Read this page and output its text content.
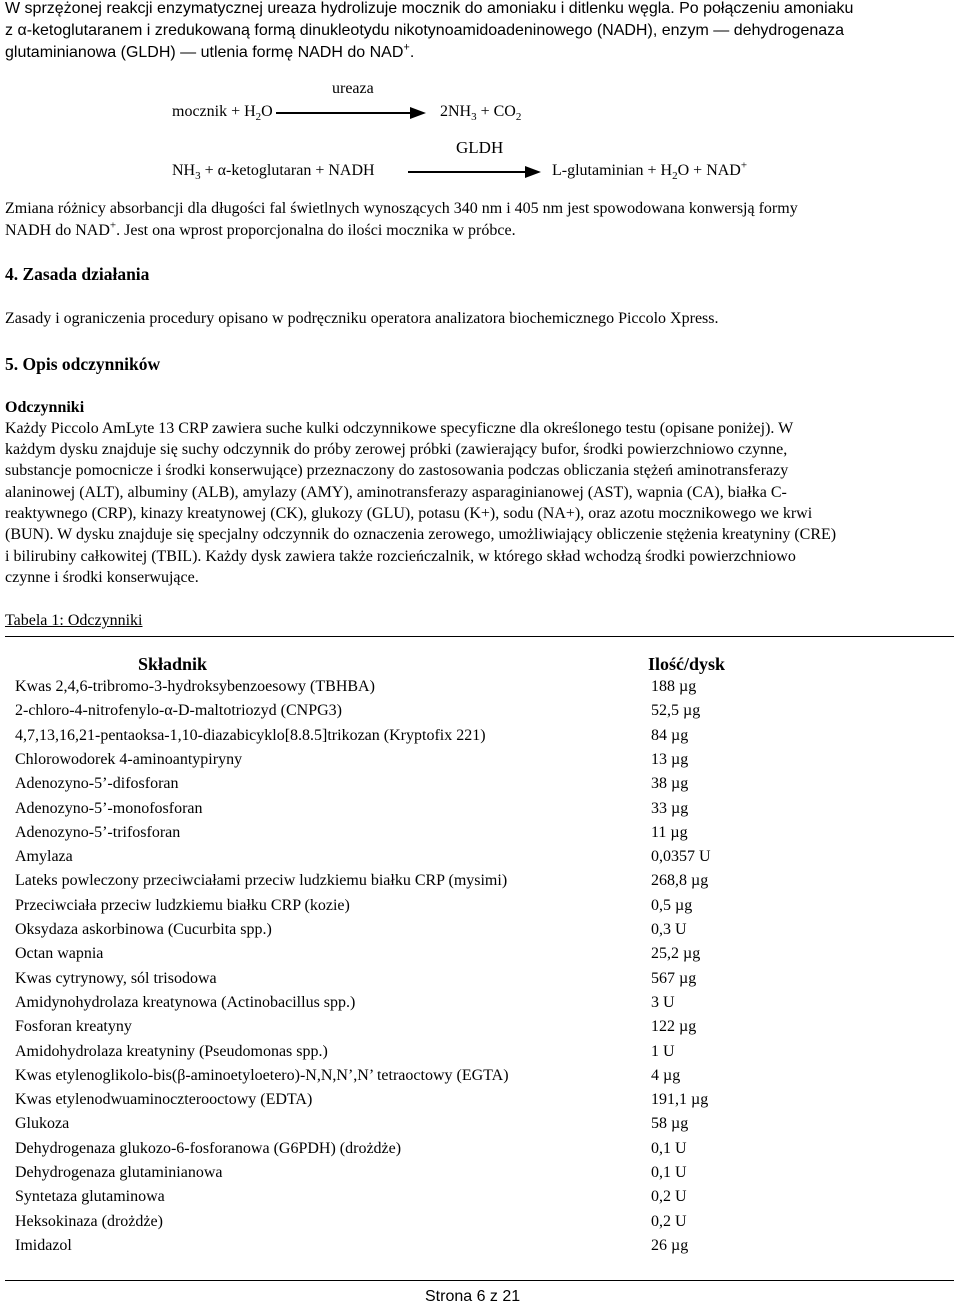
W sprzężonej reakcji enzymatycznej ureaza hydrolizuje mocznik do amoniaku i ditlenku węgla. Po połączeniu amoniaku
z α-ketoglutaranem i zredukowaną formą dinukleotydu nikotynoamidoadeninowego (NADH), enzym — dehydrogenaza
glutaminianowa (GLDH) — utlenia formę NADH do NAD+.
ureaza
mocznik + $H_2O$	$2NH_3 + CO_2$
GLDH
$NH_3$ + α-ketoglutaran + NADH	L-glutaminian + $H_2O + NAD^+$
Zmiana różnicy absorbancji dla długości fal świetlnych wynoszących 340 nm i 405 nm jest spowodowana konwersją formy
NADH do NAD+. Jest ona wprost proporcjonalna do ilości mocznika w próbce.
4. Zasada działania
Zasady i ograniczenia procedury opisano w podręczniku operatora analizatora biochemicznego Piccolo Xpress.
5. Opis odczynników
Odczynniki
Każdy Piccolo AmLyte 13 CRP zawiera suche kulki odczynnikowe specyficzne dla określonego testu (opisane poniżej). W
każdym dysku znajduje się suchy odczynnik do próby zerowej próbki (zawierający bufor, środki powierzchniowo czynne,
substancje pomocnicze i środki konserwujące) przeznaczony do zastosowania podczas obliczania stężeń aminotransferazy
alaninowej (ALT), albuminy (ALB), amylazy (AMY), aminotransferazy asparaginianowej (AST), wapnia (CA), białka C-
reaktywnego (CRP), kinazy kreatynowej (CK), glukozy (GLU), potasu (K+), sodu (NA+), oraz azotu mocznikowego we krwi
(BUN). W dysku znajduje się specjalny odczynnik do oznaczenia zerowego, umożliwiający obliczenie stężenia kreatyniny (CRE)
i bilirubiny całkowitej (TBIL). Każdy dysk zawiera także rozcieńczalnik, w którego skład wchodzą środki powierzchniowo
czynne i środki konserwujące.
Tabela 1: Odczynniki
Składnik	Ilość/dysk
Kwas 2,4,6-tribromo-3-hydroksybenzoesowy (TBHBA)	188 µg
2-chloro-4-nitrofenylo-α-D-maltotriozyd (CNPG3)	52,5 µg
4,7,13,16,21-pentaoksa-1,10-diazabicyklo[8.8.5]trikozan (Kryptofix 221)	84 µg
Chlorowodorek 4-aminoantypiryny	13 µg
Adenozyno-5’-difosforan	38 µg
Adenozyno-5’-monofosforan	33 µg
Adenozyno-5’-trifosforan	11 µg
Amylaza	0,0357 U
Lateks powleczony przeciwciałami przeciw ludzkiemu białku CRP (mysimi)	268,8 µg
Przeciwciała przeciw ludzkiemu białku CRP (kozie)	0,5 µg
Oksydaza askorbinowa (Cucurbita spp.)	0,3 U
Octan wapnia	25,2 µg
Kwas cytrynowy, sól trisodowa	567 µg
Amidynohydrolaza kreatynowa (Actinobacillus spp.)	3 U
Fosforan kreatyny	122 µg
Amidohydrolaza kreatyniny (Pseudomonas spp.)	1 U
Kwas etylenoglikolo-bis(β-aminoetyloetero)-N,N,N’,N’ tetraoctowy (EGTA)	4 µg
Kwas etylenodwuaminoczterooctowy (EDTA)	191,1 µg
Glukoza	58 µg
Dehydrogenaza glukozo-6-fosforanowa (G6PDH) (drożdże)	0,1 U
Dehydrogenaza glutaminianowa	0,1 U
Syntetaza glutaminowa	0,2 U
Heksokinaza (drożdże)	0,2 U
Imidazol	26 µg
Strona 6 z 21
